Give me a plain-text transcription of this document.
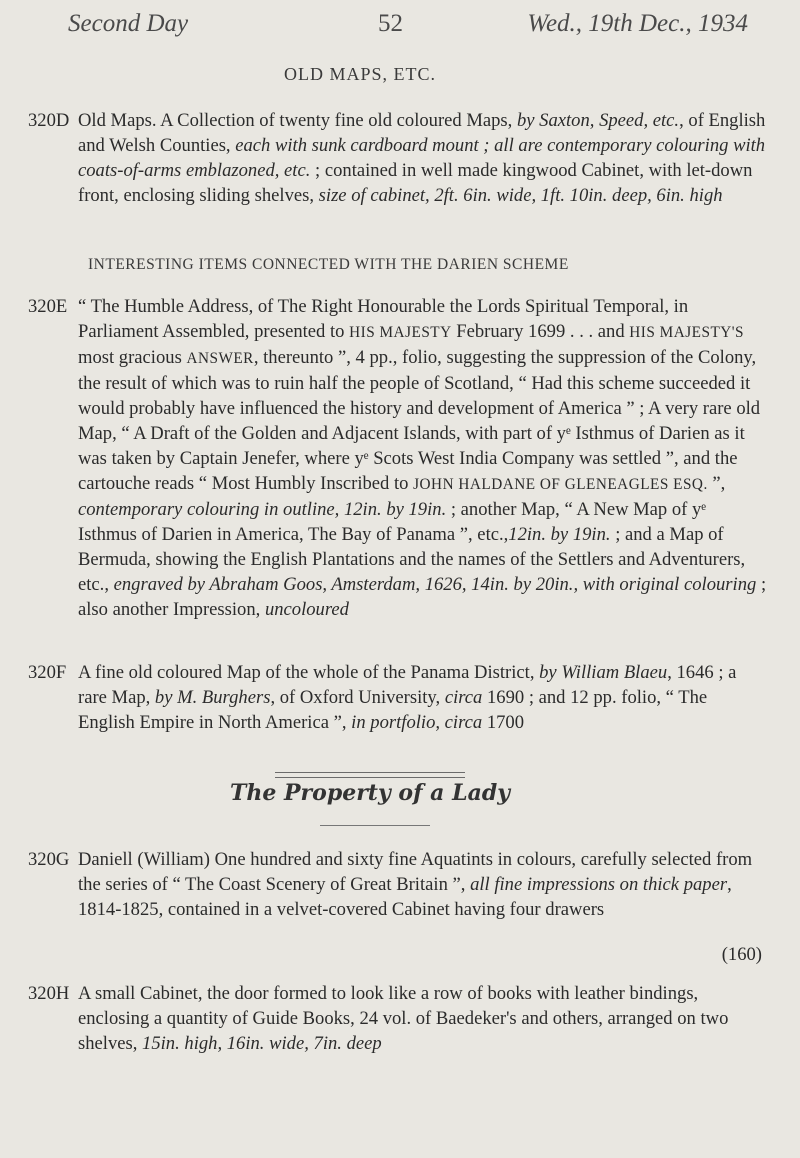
Second Day	52	Wed., 19th Dec., 1934
OLD MAPS, ETC.
320D Old Maps. A Collection of twenty fine old coloured Maps, by Saxton, Speed, etc., of English and Welsh Counties, each with sunk cardboard mount ; all are contemporary colouring with coats-of-arms emblazoned, etc. ; contained in well made kingwood Cabinet, with let-down front, enclosing sliding shelves, size of cabinet, 2ft. 6in. wide, 1ft. 10in. deep, 6in. high

INTERESTING ITEMS CONNECTED WITH THE DARIEN SCHEME
320E “ The Humble Address, of The Right Honourable the Lords Spiritual Temporal, in Parliament Assembled, presented to HIS MAJESTY February 1699 . . . and HIS MAJESTY'S most gracious ANSWER, thereunto ”, 4 pp., folio, suggesting the suppression of the Colony, the result of which was to ruin half the people of Scotland, “ Had this scheme succeeded it would probably have influenced the history and development of America ” ; A very rare old Map, “ A Draft of the Golden and Adjacent Islands, with part of yᵉ Isthmus of Darien as it was taken by Captain Jenefer, where yᵉ Scots West India Company was settled ”, and the cartouche reads “ Most Humbly Inscribed to JOHN HALDANE OF GLENEAGLES ESQ. ”, contemporary colouring in outline, 12in. by 19in. ; another Map, “ A New Map of yᵉ Isthmus of Darien in America, The Bay of Panama ”, etc.,12in. by 19in. ; and a Map of Bermuda, showing the English Plantations and the names of the Settlers and Adventurers, etc., engraved by Abraham Goos, Amsterdam, 1626, 14in. by 20in., with original colouring ; also another Impression, uncoloured

320F A fine old coloured Map of the whole of the Panama District, by William Blaeu, 1646 ; a rare Map, by M. Burghers, of Oxford University, circa 1690 ; and 12 pp. folio, “ The English Empire in North America ”, in portfolio, circa 1700

The Property of a Lady
320G Daniell (William) One hundred and sixty fine Aquatints in colours, carefully selected from the series of “ The Coast Scenery of Great Britain ”, all fine impressions on thick paper, 1814-1825, contained in a velvet-covered Cabinet having four drawers

(160)
320H A small Cabinet, the door formed to look like a row of books with leather bindings, enclosing a quantity of Guide Books, 24 vol. of Baedeker's and others, arranged on two shelves, 15in. high, 16in. wide, 7in. deep
